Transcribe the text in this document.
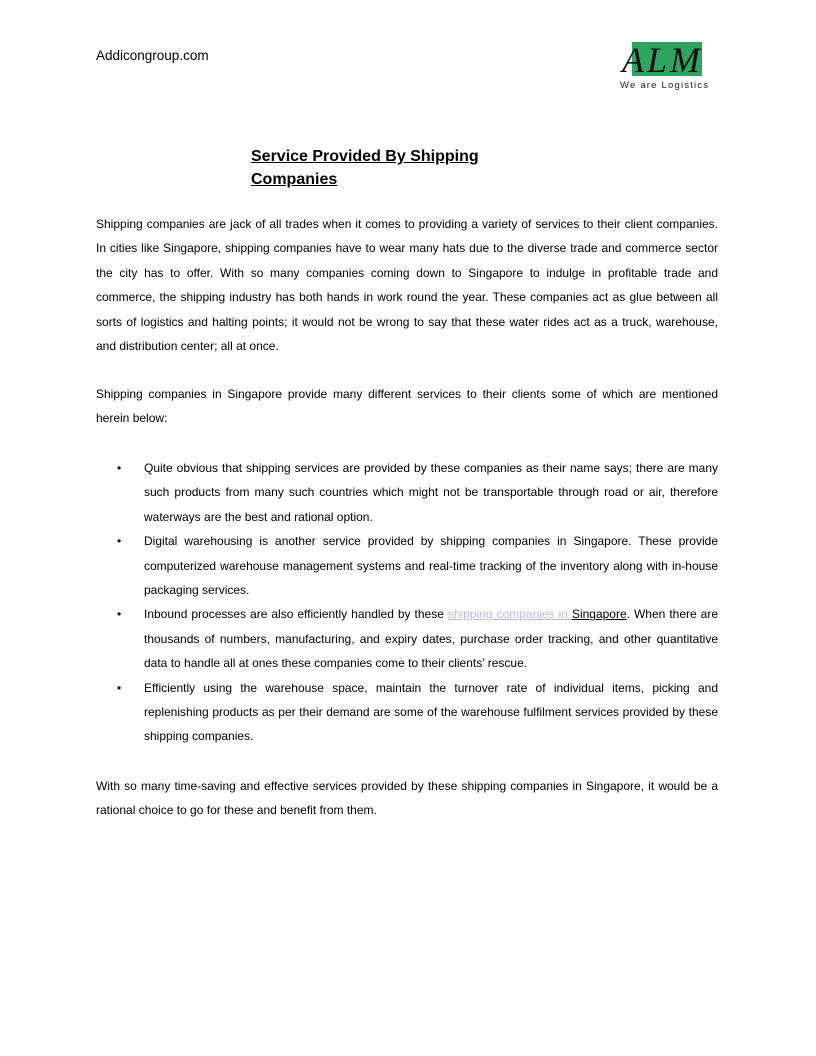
Addicongroup.com	ALM
We are Logistics
Service Provided By Shipping
Companies
Shipping companies are jack of all trades when it comes to providing a variety of services to their client companies. In cities like Singapore, shipping companies have to wear many hats due to the diverse trade and commerce sector the city has to offer. With so many companies coming down to Singapore to indulge in profitable trade and commerce, the shipping industry has both hands in work round the year. These companies act as glue between all sorts of logistics and halting points; it would not be wrong to say that these water rides act as a truck, warehouse, and distribution center; all at once.
Shipping companies in Singapore provide many different services to their clients some of which are mentioned herein below:
• Quite obvious that shipping services are provided by these companies as their name says; there are many such products from many such countries which might not be transportable through road or air, therefore waterways are the best and rational option.
• Digital warehousing is another service provided by shipping companies in Singapore. These provide computerized warehouse management systems and real-time tracking of the inventory along with in-house packaging services.
• Inbound processes are also efficiently handled by these shipping companies in Singapore. When there are thousands of numbers, manufacturing, and expiry dates, purchase order tracking, and other quantitative data to handle all at ones these companies come to their clients’ rescue.
• Efficiently using the warehouse space, maintain the turnover rate of individual items, picking and replenishing products as per their demand are some of the warehouse fulfilment services provided by these shipping companies.
With so many time-saving and effective services provided by these shipping companies in Singapore, it would be a rational choice to go for these and benefit from them.
